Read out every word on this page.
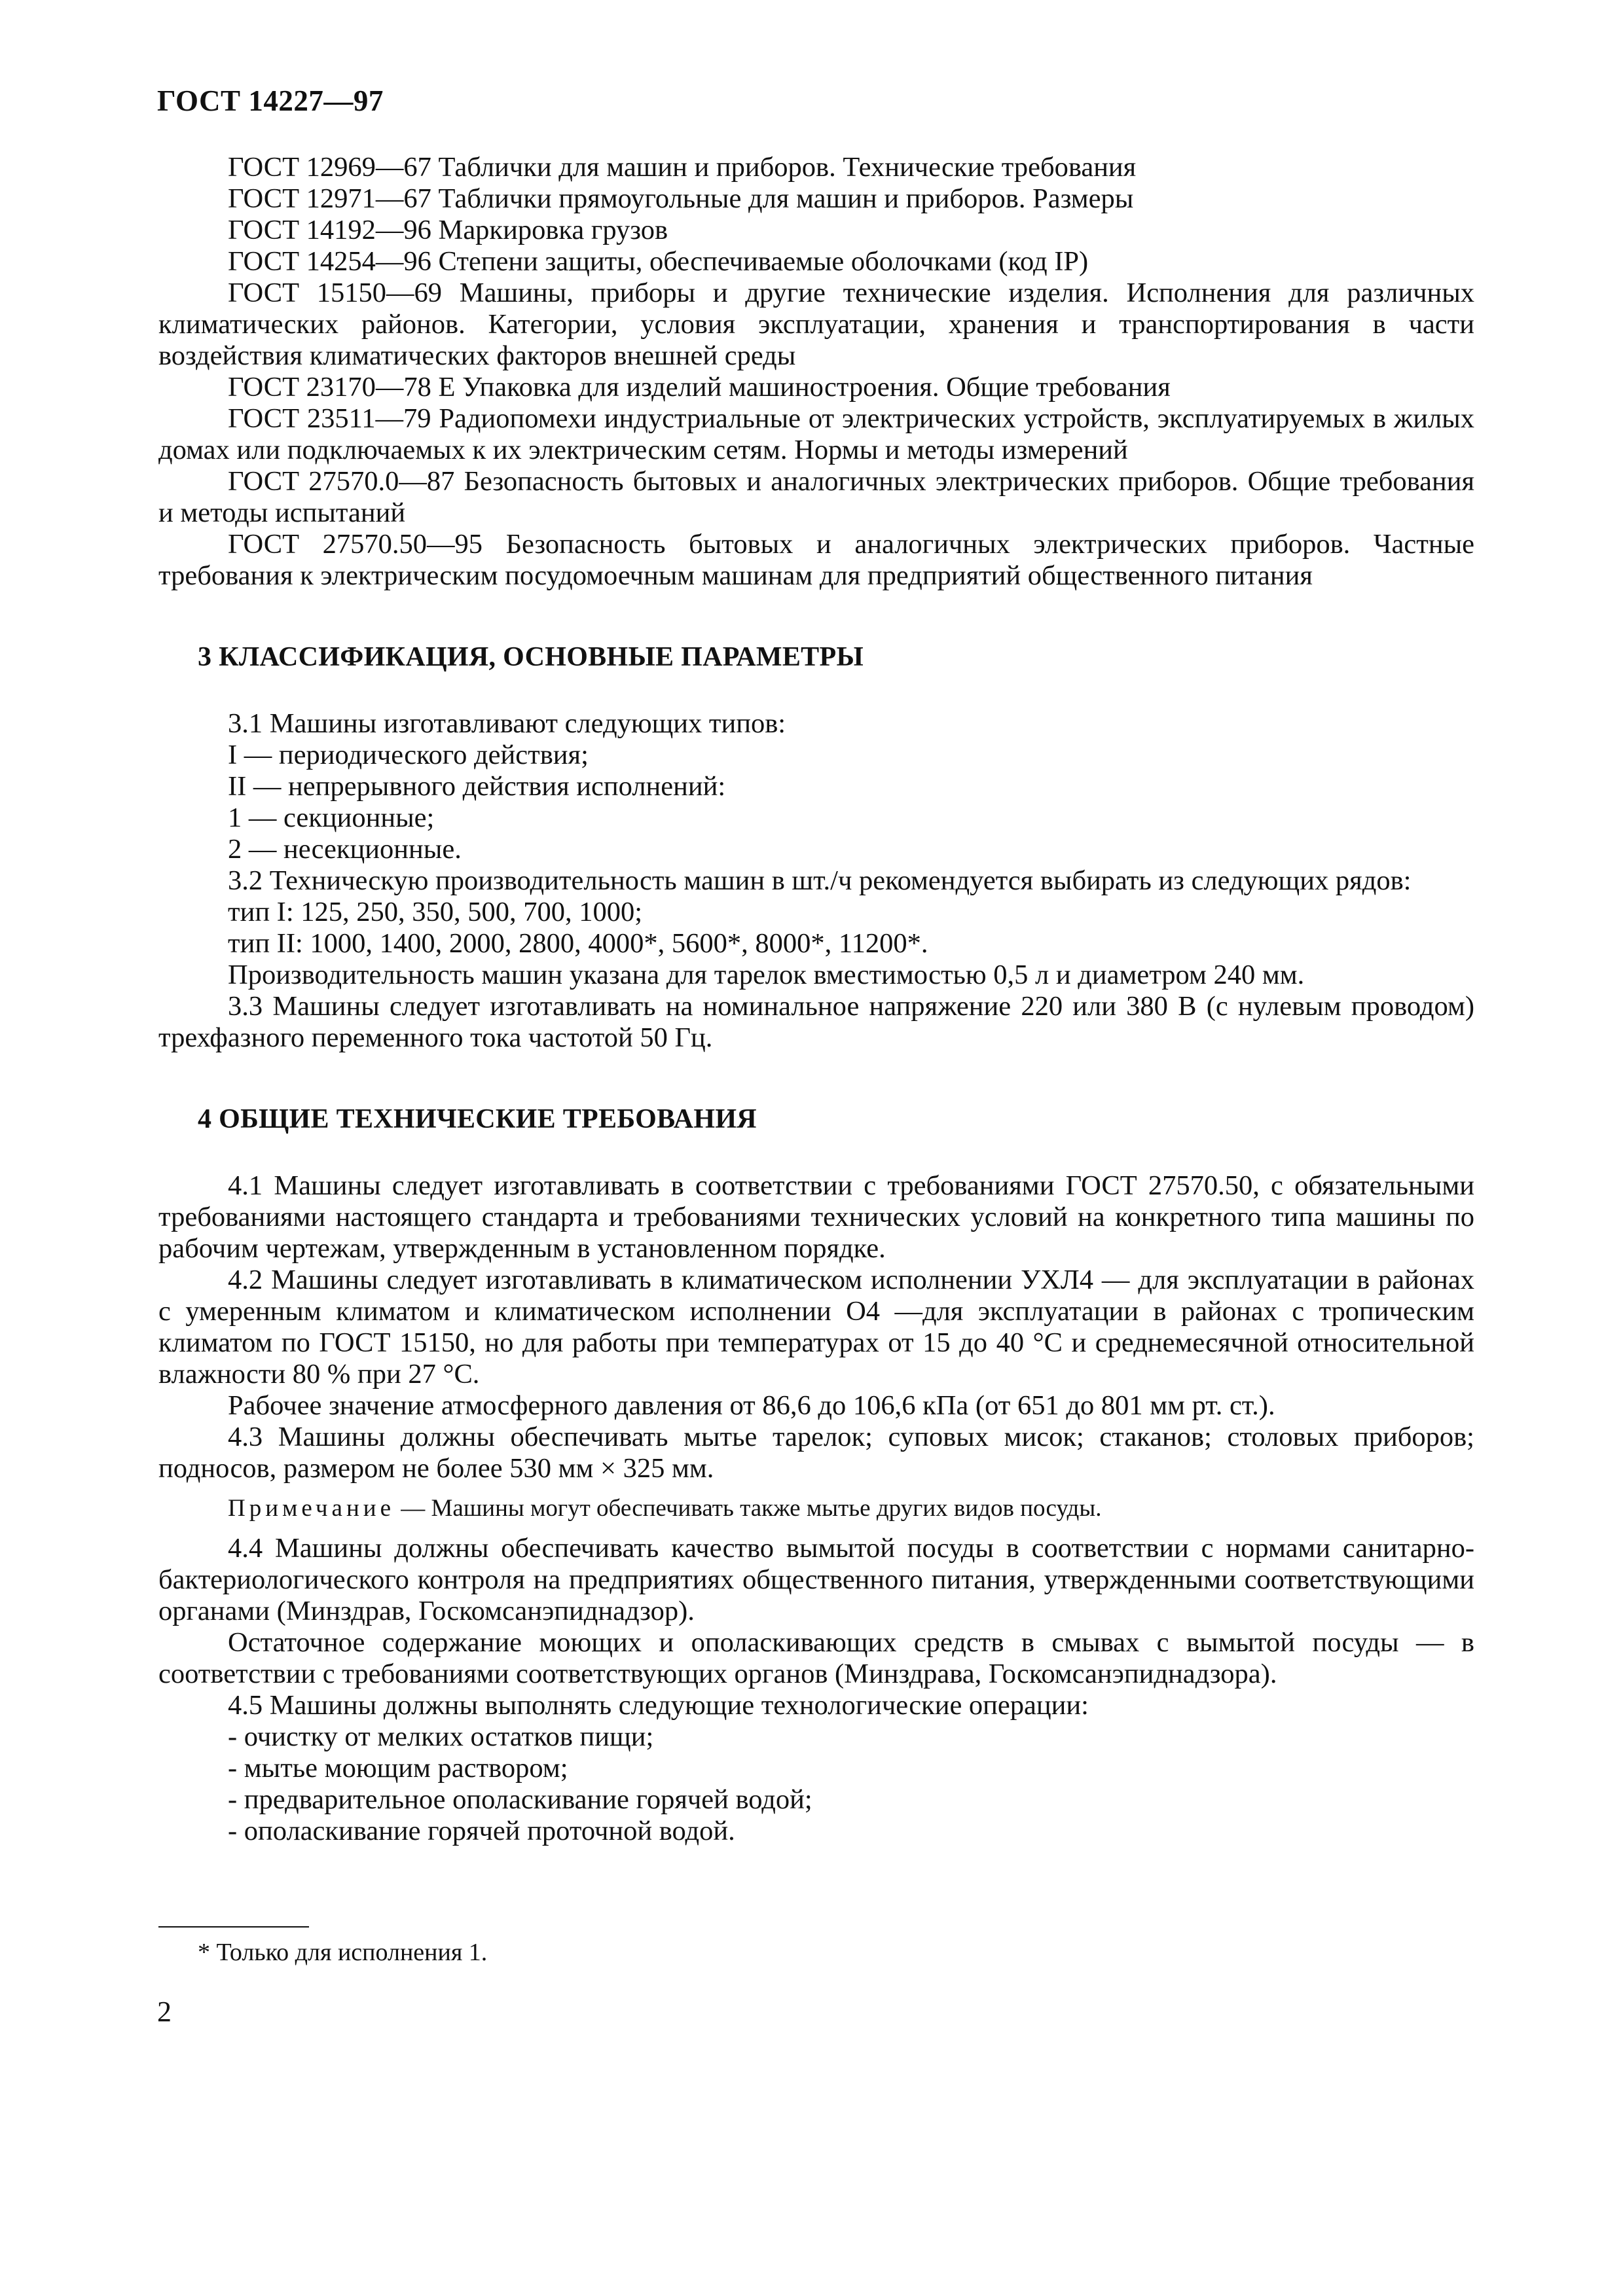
ГОСТ 14227—97

ГОСТ 12969—67 Таблички для машин и приборов. Технические требования

ГОСТ 12971—67 Таблички прямоугольные для машин и приборов. Размеры

ГОСТ 14192—96 Маркировка грузов

ГОСТ 14254—96 Степени защиты, обеспечиваемые оболочками (код IP)

ГОСТ 15150—69 Машины, приборы и другие технические изделия. Исполнения для различных климатических районов. Категории, условия эксплуатации, хранения и транспортирования в части воздействия климатических факторов внешней среды

ГОСТ 23170—78 Е Упаковка для изделий машиностроения. Общие требования

ГОСТ 23511—79 Радиопомехи индустриальные от электрических устройств, эксплуатируемых в жилых домах или подключаемых к их электрическим сетям. Нормы и методы измерений

ГОСТ 27570.0—87 Безопасность бытовых и аналогичных электрических приборов. Общие требования и методы испытаний

ГОСТ 27570.50—95 Безопасность бытовых и аналогичных электрических приборов. Частные требования к электрическим посудомоечным машинам для предприятий общественного питания

3 КЛАССИФИКАЦИЯ, ОСНОВНЫЕ ПАРАМЕТРЫ

3.1 Машины изготавливают следующих типов:

I — периодического действия;

II — непрерывного действия исполнений:

1 — секционные;

2 — несекционные.

3.2 Техническую производительность машин в шт./ч рекомендуется выбирать из следующих рядов:

тип I: 125, 250, 350, 500, 700, 1000;

тип II: 1000, 1400, 2000, 2800, 4000*, 5600*, 8000*, 11200*.

Производительность машин указана для тарелок вместимостью 0,5 л и диаметром 240 мм.

3.3 Машины следует изготавливать на номинальное напряжение 220 или 380 В (с нулевым проводом) трехфазного переменного тока частотой 50 Гц.

4 ОБЩИЕ ТЕХНИЧЕСКИЕ ТРЕБОВАНИЯ

4.1 Машины следует изготавливать в соответствии с требованиями ГОСТ 27570.50, с обязательными требованиями настоящего стандарта и требованиями технических условий на конкретного типа машины по рабочим чертежам, утвержденным в установленном порядке.

4.2 Машины следует изготавливать в климатическом исполнении УХЛ4 — для эксплуатации в районах с умеренным климатом и климатическом исполнении О4 —для эксплуатации в районах с тропическим климатом по ГОСТ 15150, но для работы при температурах от 15 до 40 °С и среднемесячной относительной влажности 80 % при 27 °С.

Рабочее значение атмосферного давления от 86,6 до 106,6 кПа (от 651 до 801 мм рт. ст.).

4.3 Машины должны обеспечивать мытье тарелок; суповых мисок; стаканов; столовых приборов; подносов, размером не более 530 мм × 325 мм.

Примечание — Машины могут обеспечивать также мытье других видов посуды.

4.4 Машины должны обеспечивать качество вымытой посуды в соответствии с нормами санитарно-бактериологического контроля на предприятиях общественного питания, утвержденными соответствующими органами (Минздрав, Госкомсанэпиднадзор).

Остаточное содержание моющих и ополаскивающих средств в смывах с вымытой посуды — в соответствии с требованиями соответствующих органов (Минздрава, Госкомсанэпиднадзора).

4.5 Машины должны выполнять следующие технологические операции:

- очистку от мелких остатков пищи;

- мытье моющим раствором;

- предварительное ополаскивание горячей водой;

- ополаскивание горячей проточной водой.

* Только для исполнения 1.
2
